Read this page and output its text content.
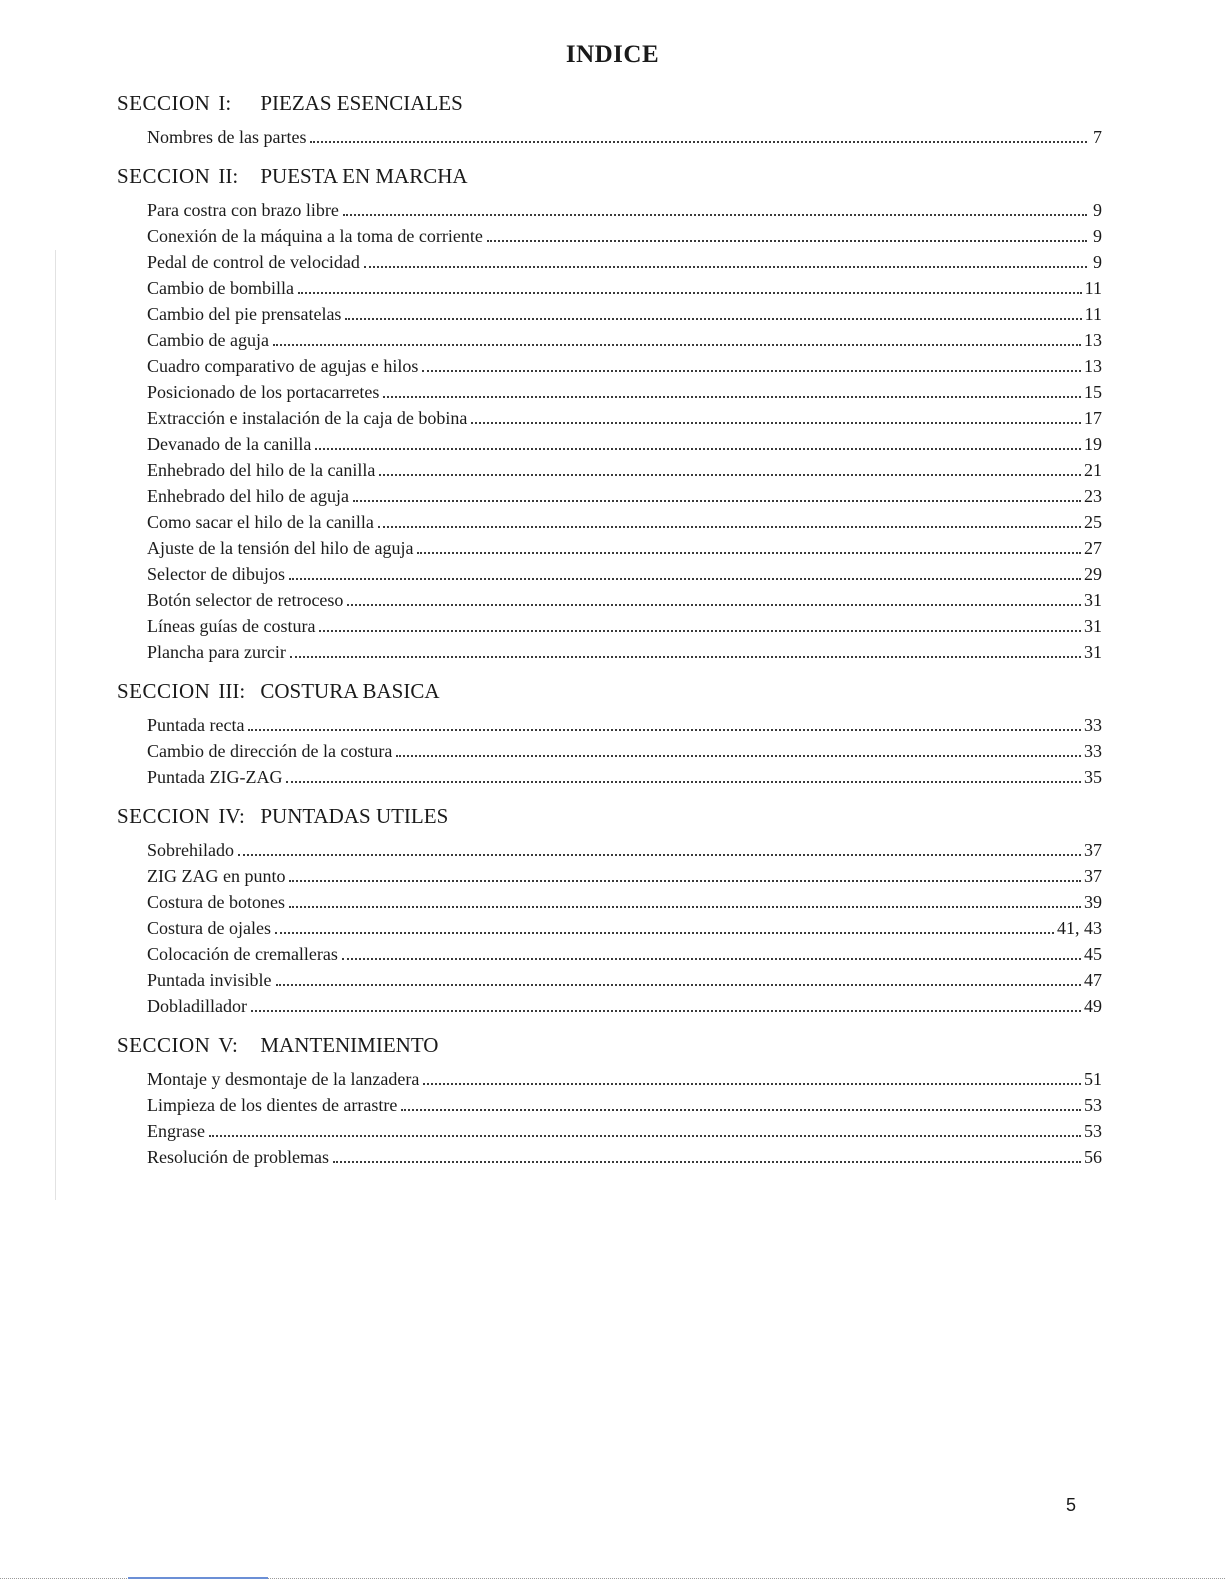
INDICE
SECCION I: PIEZAS ESENCIALES
Nombres de las partes	7
SECCION II: PUESTA EN MARCHA
Para costra con brazo libre	9
Conexión de la máquina a la toma de corriente	9
Pedal de control de velocidad	9
Cambio de bombilla	11
Cambio del pie prensatelas	11
Cambio de aguja	13
Cuadro comparativo de agujas e hilos	13
Posicionado de los portacarretes	15
Extracción e instalación de la caja de bobina	17
Devanado de la canilla	19
Enhebrado del hilo de la canilla	21
Enhebrado del hilo de aguja	23
Como sacar el hilo de la canilla	25
Ajuste de la tensión del hilo de aguja	27
Selector de dibujos	29
Botón selector de retroceso	31
Líneas guías de costura	31
Plancha para zurcir	31
SECCION III: COSTURA BASICA
Puntada recta	33
Cambio de dirección de la costura	33
Puntada ZIG-ZAG	35
SECCION IV: PUNTADAS UTILES
Sobrehilado	37
ZIG ZAG en punto	37
Costura de botones	39
Costura de ojales	41, 43
Colocación de cremalleras	45
Puntada invisible	47
Dobladillador	49
SECCION V: MANTENIMIENTO
Montaje y desmontaje de la lanzadera	51
Limpieza de los dientes de arrastre	53
Engrase	53
Resolución de problemas	56
5
